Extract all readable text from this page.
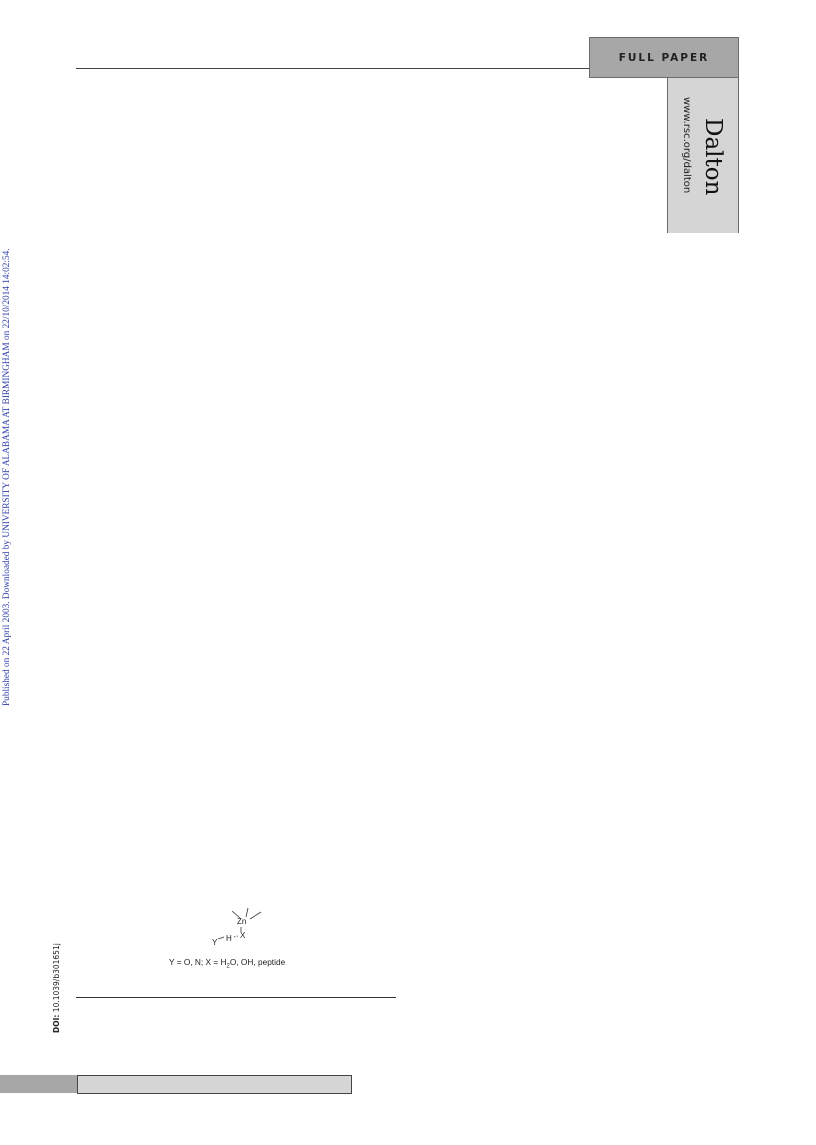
FULL PAPER
Dalton
www.rsc.org/dalton
Published on 22 April 2003. Downloaded by UNIVERSITY OF ALABAMA AT BIRMINGHAM on 22/10/2014 14:02:54.
DOI: 10.1039/b301651j
Zn
Y H X
Y = O, N; $X = H_2O$, OH, peptide
